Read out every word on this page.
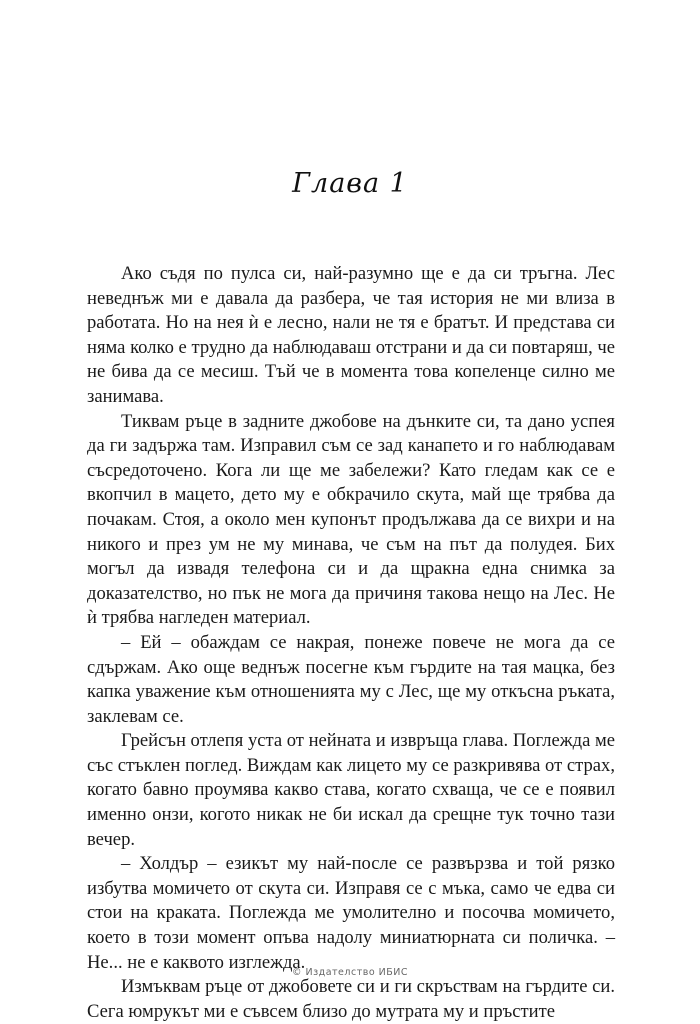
Глава 1

Ако съдя по пулса си, най-разумно ще е да си тръгна. Лес неведнъж ми е давала да разбера, че тая история не ми влиза в работата. Но на нея ѝ е лесно, нали не тя е братът. И представа си няма колко е трудно да наблюдаваш отстрани и да си повтаряш, че не бива да се месиш. Тъй че в момента това копеленце силно ме занимава.

Тиквам ръце в задните джобове на дънките си, та дано успея да ги задържа там. Изправил съм се зад канапето и го наблюдавам съсредоточено. Кога ли ще ме забележи? Като гледам как се е вкопчил в мацето, дето му е обкрачило скута, май ще трябва да почакам. Стоя, а около мен купонът продължава да се вихри и на никого и през ум не му минава, че съм на път да полудея. Бих могъл да извадя телефона си и да щракна една снимка за доказателство, но пък не мога да причиня такова нещо на Лес. Не ѝ трябва нагледен материал.

– Ей – обаждам се накрая, понеже повече не мога да се сдържам. Ако още веднъж посегне към гърдите на тая мацка, без капка уважение към отношенията му с Лес, ще му откъсна ръката, заклевам се.

Грейсън отлепя уста от нейната и извръща глава. Поглежда ме със стъклен поглед. Виждам как лицето му се разкривява от страх, когато бавно проумява какво става, когато схваща, че се е появил именно онзи, когото никак не би искал да срещне тук точно тази вечер.

– Холдър – езикът му най-после се развързва и той рязко избутва момичето от скута си. Изправя се с мъка, само че едва си стои на краката. Поглежда ме умолително и посочва момичето, което в този момент опъва надолу миниатюрната си поличка. – Не... не е каквото изглежда.

Измъквам ръце от джобовете си и ги скръствам на гърдите си. Сега юмрукът ми е съвсем близо до мутрата му и пръстите

© Издателство ИБИС
